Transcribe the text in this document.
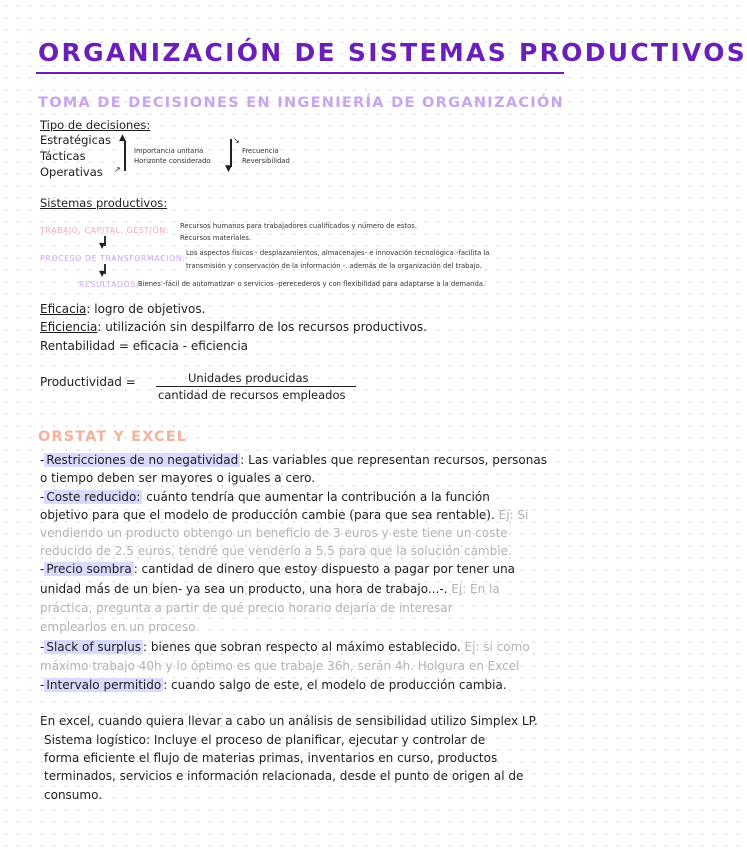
ORGANIZACIÓN DE SISTEMAS PRODUCTIVOS
TOMA DE DECISIONES EN INGENIERÍA DE ORGANIZACIÓN
Tipo de decisiones:
Estratégicas
Tácticas
Operativas
▲
↗
Importancia unitaria
Horizonte considerado
▼
↘
Frecuencia
Reversibilidad
Sistemas productivos:
TRABAJO, CAPITAL, GESTIÓN: Recursos humanos para trabajadores cualificados y número de estos.
Recursos materiales.
▼
PROCESO DE TRANSFORMACIÓN:
Los aspectos físicos - desplazamientos, almacenajes- e innovación tecnológica -facilita la
transmisión y conservación de la información -. además de la organización del trabajo.
▼
RESULTADOS:
Bienes -fácil de automatizar- o servicios -perecederos y con flexibilidad para adaptarse a la demanda.
Eficacia: logro de objetivos.
Eficiencia: utilización sin despilfarro de los recursos productivos.
Rentabilidad = eficacia - eficiencia
Productividad =	Unidades producidas
cantidad de recursos empleados
ORSTAT Y EXCEL
- Restricciones de no negatividad : Las variables que representan recursos, personas
o tiempo deben ser mayores o iguales a cero.
- Coste reducido: cuánto tendría que aumentar la contribución a la función
objetivo para que el modelo de producción cambie (para que sea rentable). Ej: Si
vendiendo un producto obtengo un beneficio de 3 euros y este tiene un coste
reducido de 2.5 euros, tendré que venderlo a 5.5 para que la solución cambie.
- Precio sombra : cantidad de dinero que estoy dispuesto a pagar por tener una
unidad más de un bien- ya sea un producto, una hora de trabajo...-. Ej: En la
práctica, pregunta a partir de qué precio horario dejaría de interesar
emplearlos en un proceso
- Slack of surplus : bienes que sobran respecto al máximo establecido. Ej: si como
máximo trabajo 40h y lo óptimo es que trabaje 36h, serán 4h. Holgura en Excel
- Intervalo permitido : cuando salgo de este, el modelo de producción cambia.
En excel, cuando quiera llevar a cabo un análisis de sensibilidad utilizo Simplex LP.
Sistema logístico: Incluye el proceso de planificar, ejecutar y controlar de
forma eficiente el flujo de materias primas, inventarios en curso, productos
terminados, servicios e información relacionada, desde el punto de origen al de
consumo.
